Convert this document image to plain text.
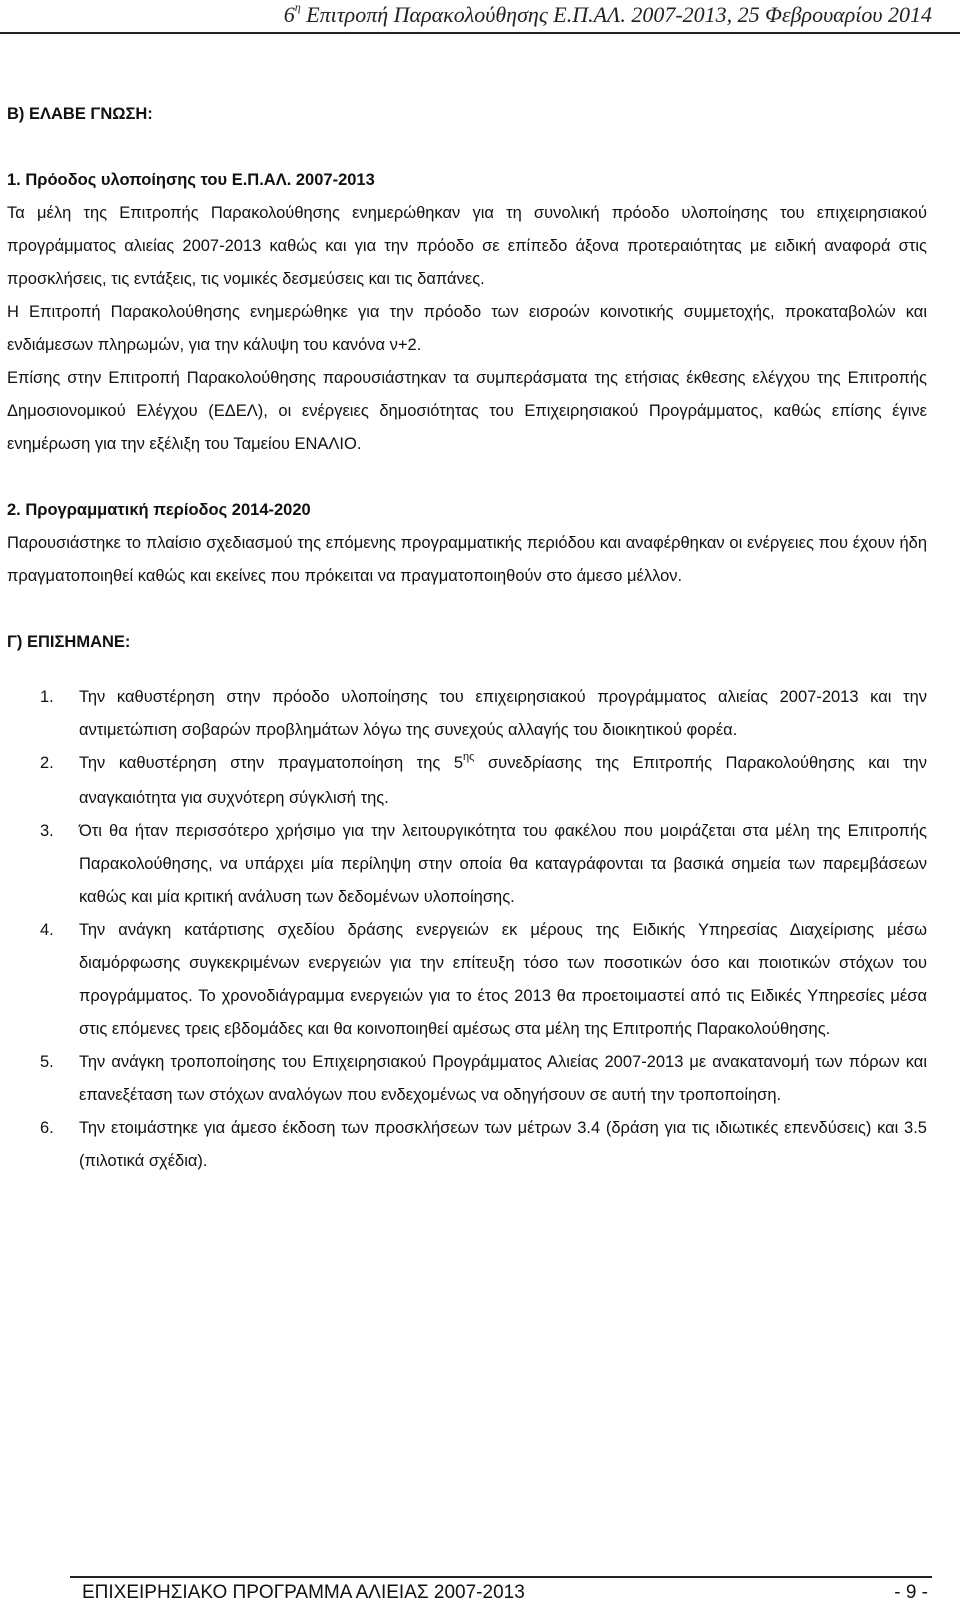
$6^\eta$ Επιτροπή Παρακολούθησης Ε.Π.ΑΛ. 2007-2013, 25 Φεβρουαρίου 2014
Β) ΕΛΑΒΕ ΓΝΩΣΗ:
1. Πρόοδος υλοποίησης του Ε.Π.ΑΛ. 2007-2013

Τα μέλη της Επιτροπής Παρακολούθησης ενημερώθηκαν για τη συνολική πρόοδο υλοποίησης του επιχειρησιακού προγράμματος αλιείας 2007-2013 καθώς και για την πρόοδο σε επίπεδο άξονα προτεραιότητας με ειδική αναφορά στις προσκλήσεις, τις εντάξεις, τις νομικές δεσμεύσεις και τις δαπάνες.

Η Επιτροπή Παρακολούθησης ενημερώθηκε για την πρόοδο των εισροών κοινοτικής συμμετοχής, προκαταβολών και ενδιάμεσων πληρωμών, για την κάλυψη του κανόνα ν+2.

Επίσης στην Επιτροπή Παρακολούθησης παρουσιάστηκαν τα συμπεράσματα της ετήσιας έκθεσης ελέγχου της Επιτροπής Δημοσιονομικού Ελέγχου (ΕΔΕΛ), οι ενέργειες δημοσιότητας του Επιχειρησιακού Προγράμματος, καθώς επίσης έγινε ενημέρωση για την εξέλιξη του Ταμείου ΕΝΑΛΙΟ.

2. Προγραμματική περίοδος 2014-2020

Παρουσιάστηκε το πλαίσιο σχεδιασμού της επόμενης προγραμματικής περιόδου και αναφέρθηκαν οι ενέργειες που έχουν ήδη πραγματοποιηθεί καθώς και εκείνες που πρόκειται να πραγματοποιηθούν στο άμεσο μέλλον.

Γ) ΕΠΙΣΗΜΑΝΕ:
1. Την καθυστέρηση στην πρόοδο υλοποίησης του επιχειρησιακού προγράμματος αλιείας 2007-2013 και την αντιμετώπιση σοβαρών προβλημάτων λόγω της συνεχούς αλλαγής του διοικητικού φορέα.
2. Την καθυστέρηση στην πραγματοποίηση της $5^{\eta\varsigma}$ συνεδρίασης της Επιτροπής Παρακολούθησης και την αναγκαιότητα για συχνότερη σύγκλισή της.
3. Ότι θα ήταν περισσότερο χρήσιμο για την λειτουργικότητα του φακέλου που μοιράζεται στα μέλη της Επιτροπής Παρακολούθησης, να υπάρχει μία περίληψη στην οποία θα καταγράφονται τα βασικά σημεία των παρεμβάσεων καθώς και μία κριτική ανάλυση των δεδομένων υλοποίησης.
4. Την ανάγκη κατάρτισης σχεδίου δράσης ενεργειών εκ μέρους της Ειδικής Υπηρεσίας Διαχείρισης μέσω διαμόρφωσης συγκεκριμένων ενεργειών για την επίτευξη τόσο των ποσοτικών όσο και ποιοτικών στόχων του προγράμματος. Το χρονοδιάγραμμα ενεργειών για το έτος 2013 θα προετοιμαστεί από τις Ειδικές Υπηρεσίες μέσα στις επόμενες τρεις εβδομάδες και θα κοινοποιηθεί αμέσως στα μέλη της Επιτροπής Παρακολούθησης.
5. Την ανάγκη τροποποίησης του Επιχειρησιακού Προγράμματος Αλιείας 2007-2013 με ανακατανομή των πόρων και επανεξέταση των στόχων αναλόγων που ενδεχομένως να οδηγήσουν σε αυτή την τροποποίηση.
6. Την ετοιμάστηκε για άμεσο έκδοση των προσκλήσεων των μέτρων 3.4 (δράση για τις ιδιωτικές επενδύσεις) και 3.5 (πιλοτικά σχέδια).
ΕΠΙΧΕΙΡΗΣΙΑΚΟ ΠΡΟΓΡΑΜΜΑ ΑΛΙΕΙΑΣ 2007-2013	- 9 -
